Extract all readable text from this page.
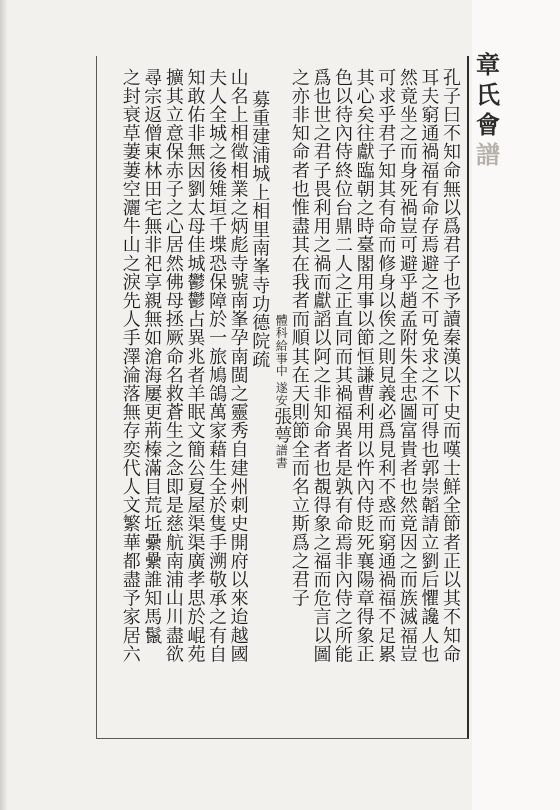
章
氏
會
譜
孔子曰不知命無以爲君子也予讀秦漢以下史而嘆士鮮全節者正以其不知命
耳夫窮通禍福有命存焉避之不可免求之不可得也郭崇韜請立劉后懼讒人也
然竟坐之而身死禍豈可避乎趙孟附朱全忠圖富貴者也然竟因之而族滅福豈
可求乎君子知其有命而修身以俟之則見義必爲見利不惑而窮通禍福不足累
其心矣往獻臨朝之時臺閣用事以節恒謙曹利用以忤內侍貶死襄陽章得象正
色以待內侍終位台鼎二人之正直同而其禍福異者是孰有命焉非內侍之所能
爲也世之君子畏利用之禍而獻謟以阿之非知命者也覩得象之福而危言以圖
之亦非知命者也惟盡其在我者而順其在天則節全而名立斯爲之君子
體科給事中 遂安張萼譜書
募重建浦城上相里南峯寺功德院疏
山名上相徵相業之炳彪寺號南峯孕南閩之靈秀自建州刺史開府以來迨越國
夫人全城之後雉垣千堞恐保障於一旅鳩鴿萬家藉生全於隻手溯敬承之有自
知敢佑非無因劉太母佳城鬱鬱占異兆者羊眠文簡公夏屋渠渠廣孝思於崐苑
擴其立意保赤子之心居然佛母拯厥命名救蒼生之念即是慈航南浦山川盡欲
尋宗返僧東林田宅無非祀享親無如滄海屢更荊榛滿目荒坵纍纍誰知馬鬣
之封衰草萋萋空灑牛山之淚先人手澤淪落無存奕代人文繁華都盡予家居六
